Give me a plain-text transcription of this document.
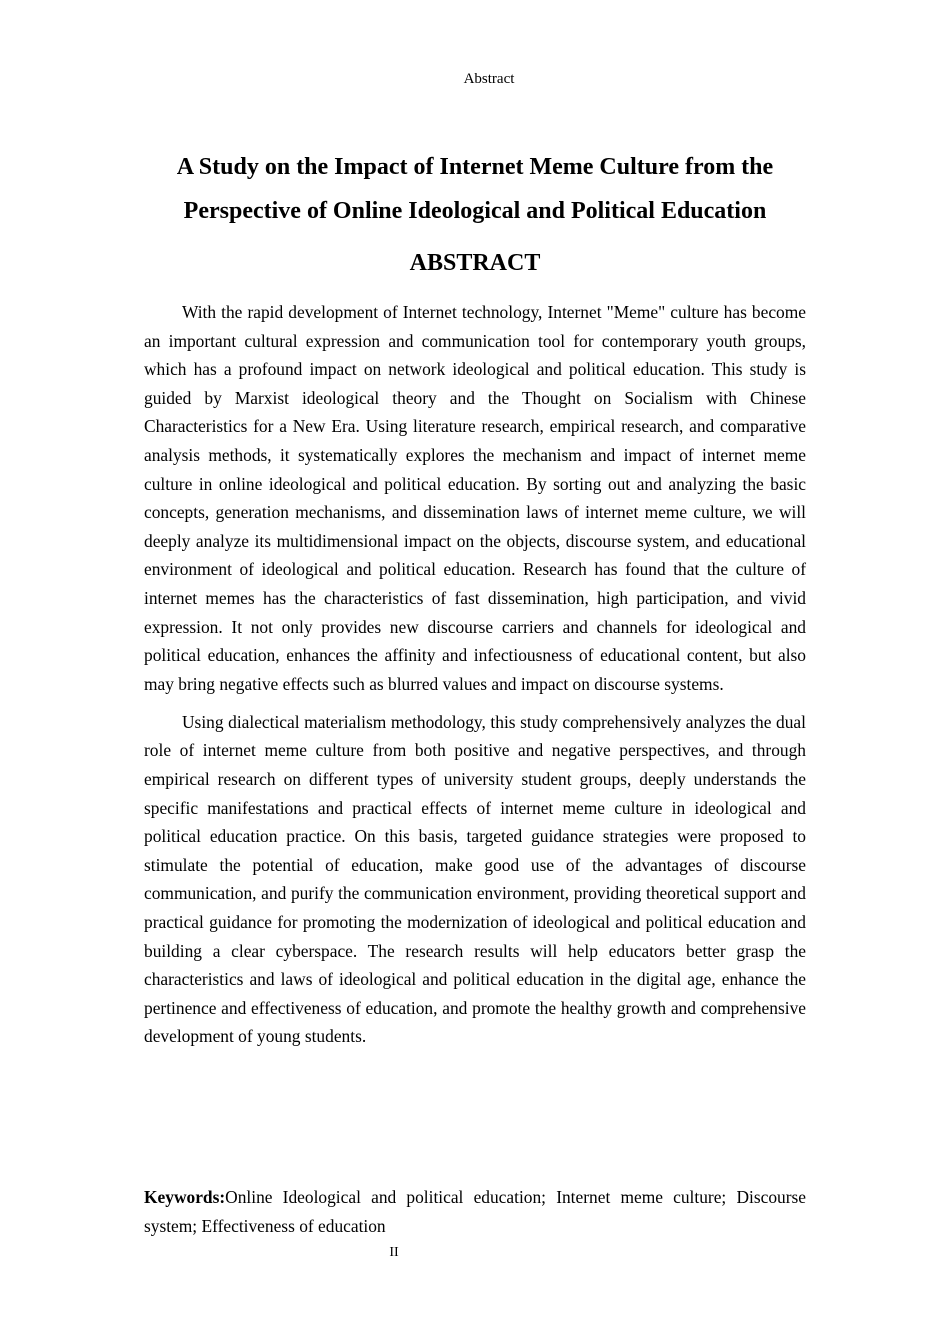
Abstract
A Study on the Impact of Internet Meme Culture from the
Perspective of Online Ideological and Political Education
ABSTRACT

With the rapid development of Internet technology, Internet "Meme" culture has become an important cultural expression and communication tool for contemporary youth groups, which has a profound impact on network ideological and political education. This study is guided by Marxist ideological theory and the Thought on Socialism with Chinese Characteristics for a New Era. Using literature research, empirical research, and comparative analysis methods, it systematically explores the mechanism and impact of internet meme culture in online ideological and political education. By sorting out and analyzing the basic concepts, generation mechanisms, and dissemination laws of internet meme culture, we will deeply analyze its multidimensional impact on the objects, discourse system, and educational environment of ideological and political education. Research has found that the culture of internet memes has the characteristics of fast dissemination, high participation, and vivid expression. It not only provides new discourse carriers and channels for ideological and political education, enhances the affinity and infectiousness of educational content, but also may bring negative effects such as blurred values and impact on discourse systems.

Using dialectical materialism methodology, this study comprehensively analyzes the dual role of internet meme culture from both positive and negative perspectives, and through empirical research on different types of university student groups, deeply understands the specific manifestations and practical effects of internet meme culture in ideological and political education practice. On this basis, targeted guidance strategies were proposed to stimulate the potential of education, make good use of the advantages of discourse communication, and purify the communication environment, providing theoretical support and practical guidance for promoting the modernization of ideological and political education and building a clear cyberspace. The research results will help educators better grasp the characteristics and laws of ideological and political education in the digital age, enhance the pertinence and effectiveness of education, and promote the healthy growth and comprehensive development of young students.

Keywords:Online Ideological and political education; Internet meme culture; Discourse system; Effectiveness of education

II
